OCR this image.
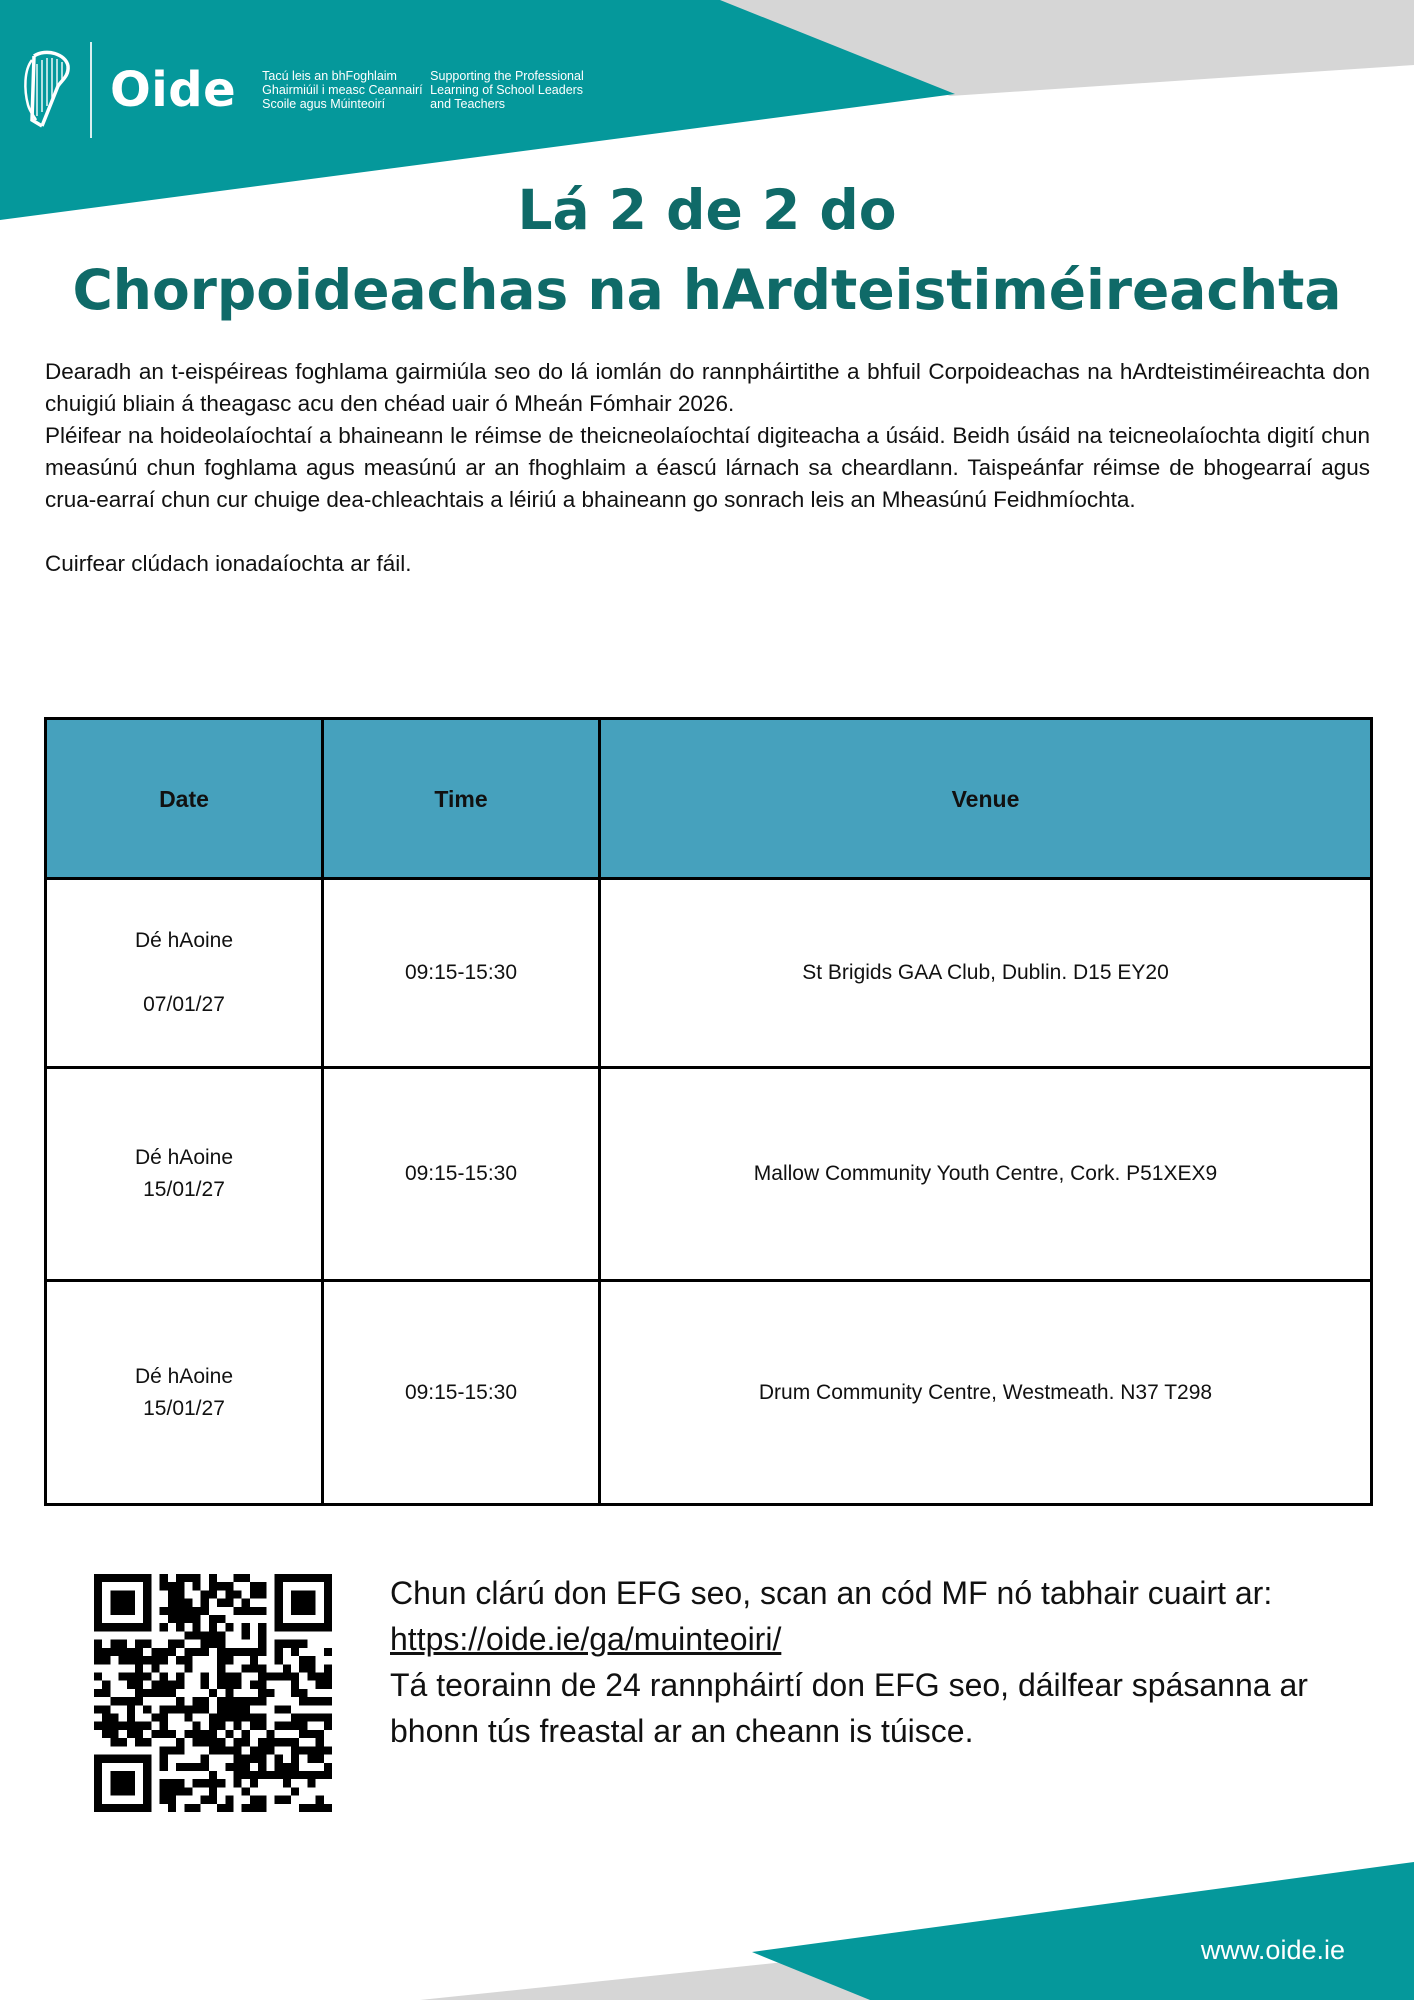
Oide Tacú leis an bhFoghlaim
Ghairmiúil i measc Ceannairí
Scoile agus Múinteoirí
Supporting the Professional
Learning of School Leaders
and Teachers
Lá 2 de 2 do
Chorpoideachas na hArdteistiméireachta

Dearadh an t-eispéireas foghlama gairmiúla seo do lá iomlán do rannpháirtithe a bhfuil Corpoideachas na hArdteistiméireachta don chuigiú bliain á theagasc acu den chéad uair ó Mheán Fómhair 2026.

Pléifear na hoideolaíochtaí a bhaineann le réimse de theicneolaíochtaí digiteacha a úsáid. Beidh úsáid na teicneolaíochta digití chun measúnú chun foghlama agus measúnú ar an fhoghlaim a éascú lárnach sa cheardlann. Taispeánfar réimse de bhogearraí agus crua-earraí chun cur chuige dea-chleachtais a léiriú a bhaineann go sonrach leis an Mheasúnú Feidhmíochta.

Cuirfear clúdach ionadaíochta ar fáil.

Date	Time	Venue

Dé hAoine
07/01/27	09:15-15:30	St Brigids GAA Club, Dublin. D15 EY20

Dé hAoine
15/01/27	09:15-15:30	Mallow Community Youth Centre, Cork. P51XEX9

Dé hAoine
15/01/27	09:15-15:30	Drum Community Centre, Westmeath. N37 T298

Chun clárú don EFG seo, scan an cód MF nó tabhair cuairt ar:

https://oide.ie/ga/muinteoiri/

Tá teorainn de 24 rannpháirtí don EFG seo, dáilfear spásanna ar bhonn tús freastal ar an cheann is túisce.

www.oide.ie
